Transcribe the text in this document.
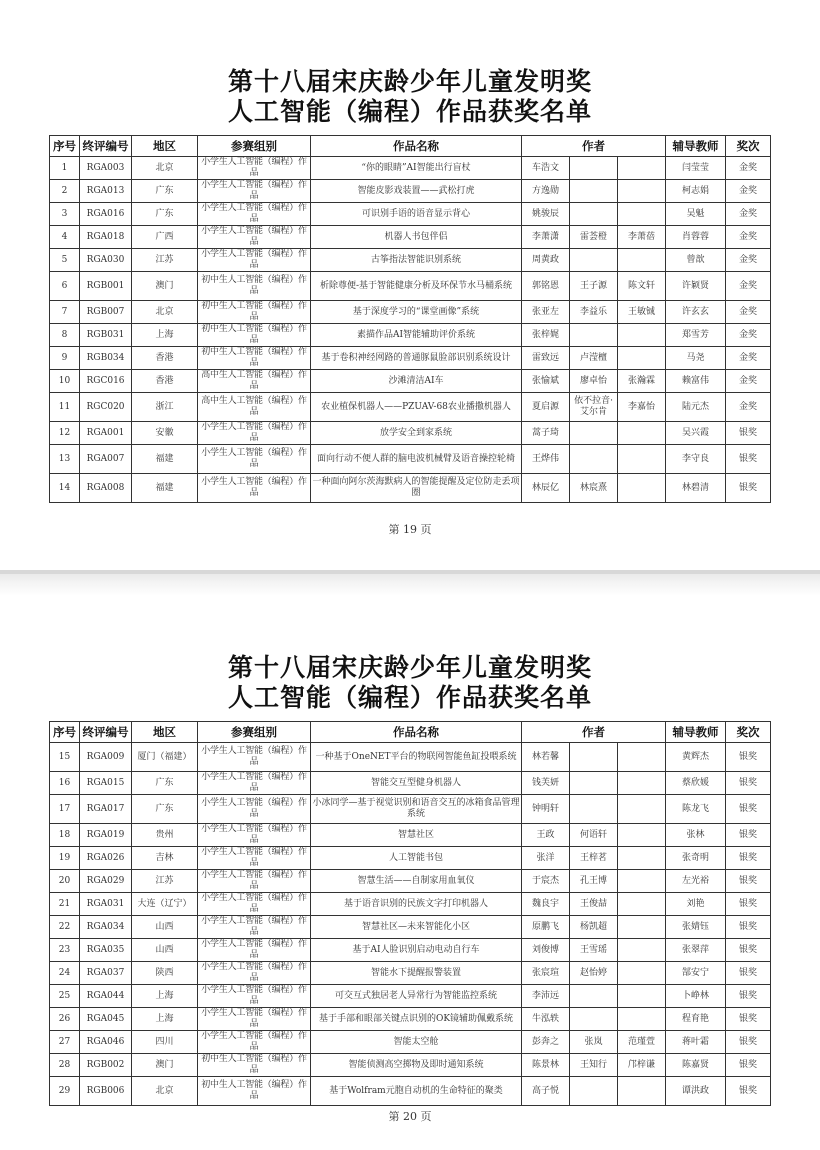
第十八届宋庆龄少年儿童发明奖
人工智能（编程）作品获奖名单
序号	终评编号	地区	参赛组别	作品名称	作者			辅导教师	奖次
1	RGA003	北京	小学生人工智能（编程）作品	“你的眼睛”AI智能出行盲杖	车浩文			闫莹莹	金奖
2	RGA013	广东	小学生人工智能（编程）作品	智能皮影戏装置——武松打虎	方逸勋			柯志娟	金奖
3	RGA016	广东	小学生人工智能（编程）作品	可识别手语的语音显示背心	姚骏辰			吴魁	金奖
4	RGA018	广西	小学生人工智能（编程）作品	机器人书包伴侣	李萧潇	雷荟橙	李萧蓓	肖蓉蓉	金奖
5	RGA030	江苏	小学生人工智能（编程）作品	古筝指法智能识别系统	周黄政			曾歆	金奖
6	RGB001	澳门	初中生人工智能（编程）作品	析除尊便-基于智能健康分析及环保节水马桶系统	郭铭恩	王子源	陈文轩	许颖贤	金奖
7	RGB007	北京	初中生人工智能（编程）作品	基于深度学习的“课堂画像”系统	张亚左	李益乐	王敏铖	许玄玄	金奖
8	RGB031	上海	初中生人工智能（编程）作品	素描作品AI智能辅助评价系统	张梓娓			郑雪芳	金奖
9	RGB034	香港	初中生人工智能（编程）作品	基于卷积神经网路的普通豚鼠脸部识别系统设计	雷致远	卢滢檀		马尧	金奖
10	RGC016	香港	高中生人工智能（编程）作品	沙滩清洁AI车	张愉斌	廖卓怡	张瀚霖	赖富伟	金奖
11	RGC020	浙江	高中生人工智能（编程）作品	农业植保机器人——PZUAV-68农业播撒机器人	夏启源	依不拉音·艾尔肯	李嘉怡	陆元杰	金奖
12	RGA001	安徽	小学生人工智能（编程）作品	放学安全到家系统	蒿子琦			吴兴霞	银奖
13	RGA007	福建	小学生人工智能（编程）作品	面向行动不便人群的脑电波机械臂及语音操控轮椅	王烨伟			李守良	银奖
14	RGA008	福建	小学生人工智能（编程）作品	一种面向阿尔茨海默病人的智能提醒及定位防走丢项圈	林辰亿	林宸熹		林碧清	银奖
第 19 页
第十八届宋庆龄少年儿童发明奖
人工智能（编程）作品获奖名单
序号	终评编号	地区	参赛组别	作品名称	作者			辅导教师	奖次
15	RGA009	厦门（福建）	小学生人工智能（编程）作品	一种基于OneNET平台的物联网智能鱼缸投喂系统	林若馨			黄辉杰	银奖
16	RGA015	广东	小学生人工智能（编程）作品	智能交互型健身机器人	钱芙妍			蔡欣媛	银奖
17	RGA017	广东	小学生人工智能（编程）作品	小冰同学—基于视觉识别和语音交互的冰箱食品管理系统	钟明轩			陈龙飞	银奖
18	RGA019	贵州	小学生人工智能（编程）作品	智慧社区	王政	何语轩		张林	银奖
19	RGA026	吉林	小学生人工智能（编程）作品	人工智能书包	张洋	王梓茗		张奇明	银奖
20	RGA029	江苏	小学生人工智能（编程）作品	智慧生活——自制家用血氧仪	于宸杰	孔王博		左光裕	银奖
21	RGA031	大连（辽宁）	小学生人工智能（编程）作品	基于语音识别的民族文字打印机器人	魏良宇	王俊喆		刘艳	银奖
22	RGA034	山西	小学生人工智能（编程）作品	智慧社区—未来智能化小区	原鹏飞	杨凯超		张婧钰	银奖
23	RGA035	山西	小学生人工智能（编程）作品	基于AI人脸识别启动电动自行车	刘俊博	王雪瑶		张翠萍	银奖
24	RGA037	陕西	小学生人工智能（编程）作品	智能水下提醒报警装置	张宸瑄	赵怡婷		郜安宁	银奖
25	RGA044	上海	小学生人工智能（编程）作品	可交互式独居老人异常行为智能监控系统	李沛远			卜峥林	银奖
26	RGA045	上海	小学生人工智能（编程）作品	基于手部和眼部关键点识别的OK镜辅助佩戴系统	牛泓轶			程育艳	银奖
27	RGA046	四川	小学生人工智能（编程）作品	智能太空舱	彭奔之	张岚	范瑾萱	蒋叶霜	银奖
28	RGB002	澳门	初中生人工智能（编程）作品	智能侦测高空掷物及即时通知系统	陈景林	王知行	邝梓谦	陈嘉贤	银奖
29	RGB006	北京	初中生人工智能（编程）作品	基于Wolfram元胞自动机的生命特征的聚类	高子悦			谭洪政	银奖
第 20 页
